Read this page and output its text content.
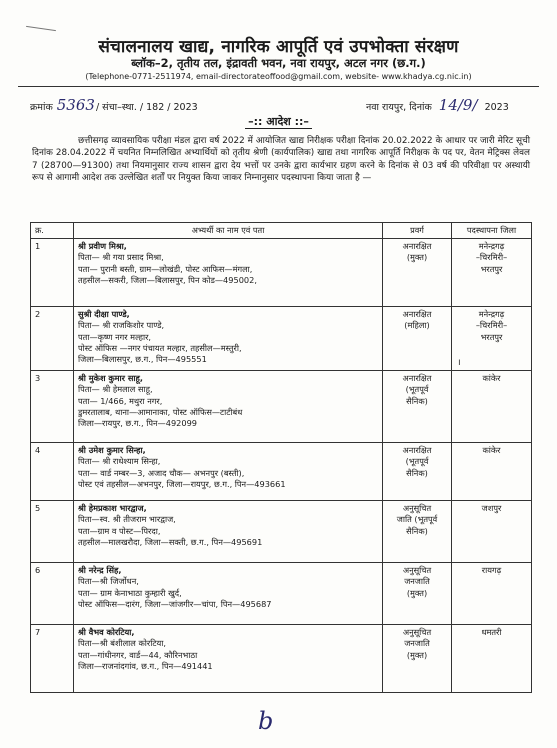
संचालनालय खाद्य, नागरिक आपूर्ति एवं उपभोक्ता संरक्षण
ब्लॉक–2, तृतीय तल, इंद्रावती भवन, नवा रायपुर, अटल नगर (छ.ग.)
(Telephone-0771-2511974, email-directorateoffood@gmail.com, website- www.khadya.cg.nic.in)
क्रमांक 5363/ संचा–स्था. / 182 / 2023	नवा रायपुर, दिनांक 14/9/ 2023
–:: आदेश ::–
छत्तीसगढ़ व्यावसायिक परीक्षा मंडल द्वारा वर्ष 2022 में आयोजित खाद्य निरीक्षक परीक्षा दिनांक 20.02.2022 के आधार पर जारी मेरिट सूची दिनांक 28.04.2022 में चयनित निम्नलिखित अभ्यार्थियों को तृतीय श्रेणी (कार्यपालिक) खाद्य तथा नागरिक आपूर्ति निरीक्षक के पद पर, वेतन मेट्रिक्स लेवल 7 (28700—91300) तथा नियमानुसार राज्य शासन द्वारा देय भत्तों पर उनके द्वारा कार्यभार ग्रहण करने के दिनांक से 03 वर्ष की परिवीक्षा पर अस्थायी रूप से आगामी आदेश तक उल्लेखित शर्तों पर नियुक्त किया जाकर निम्नानुसार पदस्थापना किया जाता है —
क्र.	अभ्यर्थी का नाम एवं पता	प्रवर्ग	पदस्थापना जिला
1	श्री प्रवीण मिश्रा,
पिता— श्री गया प्रसाद मिश्रा,
पता— पुरानी बस्ती, ग्राम—लोखंडी, पोस्ट आफिस—मंगला,
तहसील—सकरी, जिला—बिलासपुर, पिन कोड—495002,	अनारक्षित
(मुक्त)	मनेन्द्रगढ़
–चिरमिरी–
भरतपुर

2	सुश्री दीक्षा पाण्डे,
पिता— श्री राजकिशोर पाण्डे,
पता—कृष्ण नगर मल्हार,
पोस्ट ऑफिस —नगर पंचायत मल्हार, तहसील—मस्तुरी,
जिला—बिलासपुर, छ.ग., पिन—495551	अनारक्षित
(महिला)	मनेन्द्रगढ़
–चिरमिरी–
भरतपुर

3	श्री मुकेश कुमार साहू,
पिता— श्री हेमलाल साहू,
पता— 1/466, मथुरा नगर,
डुमरतालाब, थाना—आमानाका, पोस्ट ऑफिस—टाटीबंध
जिला—रायपुर, छ.ग., पिन—492099	अनारक्षित
(भूतपूर्व
सैनिक)	कांकेर

4	श्री उमेश कुमार सिन्हा,
पिता— श्री राधेश्याम सिन्हा,
पता— वार्ड नम्बर—3, अजाद चौक— अभनपुर (बस्ती),
पोस्ट एवं तहसील—अभनपुर, जिला—रायपुर, छ.ग., पिन—493661	अनारक्षित
(भूतपूर्व
सैनिक)	कांकेर

5	श्री हेमप्रकाश भारद्वाज,
पिता—स्व. श्री तीजराम भारद्वाज,
पता—ग्राम व पोस्ट—पिरदा,
तहसील—मालखरौदा, जिला—सक्ती, छ.ग., पिन—495691	अनुसूचित
जाति (भूतपूर्व
सैनिक)	जशपुर

6	श्री नरेन्द्र सिंह,
पिता—श्री जिर्जोधन,
पता— ग्राम केनाभाठा कुम्हारी खुर्द,
पोस्ट ऑफिस—दारंग, जिला—जांजगीर—चांपा, पिन—495687	अनुसूचित
जनजाति
(मुक्त)	रायगढ़

7	श्री वैभव कोरटिया,
पिता—श्री बंशीलाल कोरटिया,
पता—गांधीनगर, वार्ड—44, कौरिनभाठा
जिला—राजनांदगांव, छ.ग., पिन—491441	अनुसूचित
जनजाति
(मुक्त)	धमतरी
ı
b
